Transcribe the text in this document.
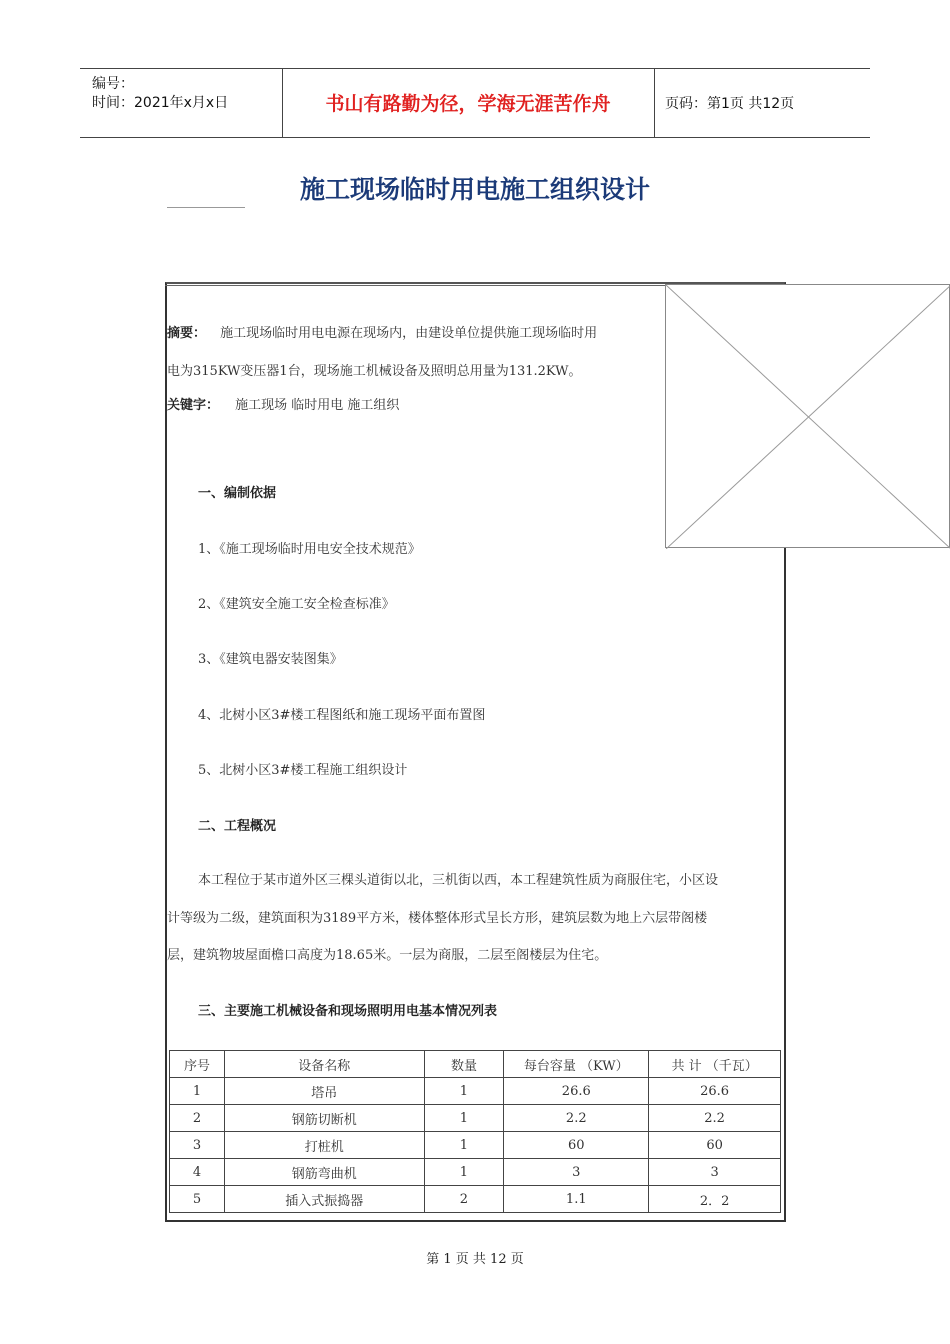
编号：
时间：2021年x月x日	书山有路勤为径，学海无涯苦作舟	页码：第1页 共12页
施工现场临时用电施工组织设计
摘要： 施工现场临时用电电源在现场内，由建设单位提供施工现场临时用
电为315KW变压器1台，现场施工机械设备及照明总用量为131.2KW。
关键字： 施工现场 临时用电 施工组织
一、编制依据
1、《施工现场临时用电安全技术规范》
2、《建筑安全施工安全检查标准》
3、《建筑电器安装图集》
4、北树小区3#楼工程图纸和施工现场平面布置图
5、北树小区3#楼工程施工组织设计
二、工程概况
本工程位于某市道外区三棵头道街以北，三机街以西，本工程建筑性质为商服住宅，小区设
计等级为二级，建筑面积为3189平方米，楼体整体形式呈长方形，建筑层数为地上六层带阁楼
层，建筑物坡屋面檐口高度为18.65米。一层为商服，二层至阁楼层为住宅。
三、主要施工机械设备和现场照明用电基本情况列表
序号	设备名称	数量	每台容量 （KW）	共 计 （千瓦）
1	塔吊	1	26.6	26.6
2	钢筋切断机	1	2.2	2.2
3	打桩机	1	60	60
4	钢筋弯曲机	1	3	3
5	插入式振捣器	2	1.1	2．2
第 1 页 共 12 页
